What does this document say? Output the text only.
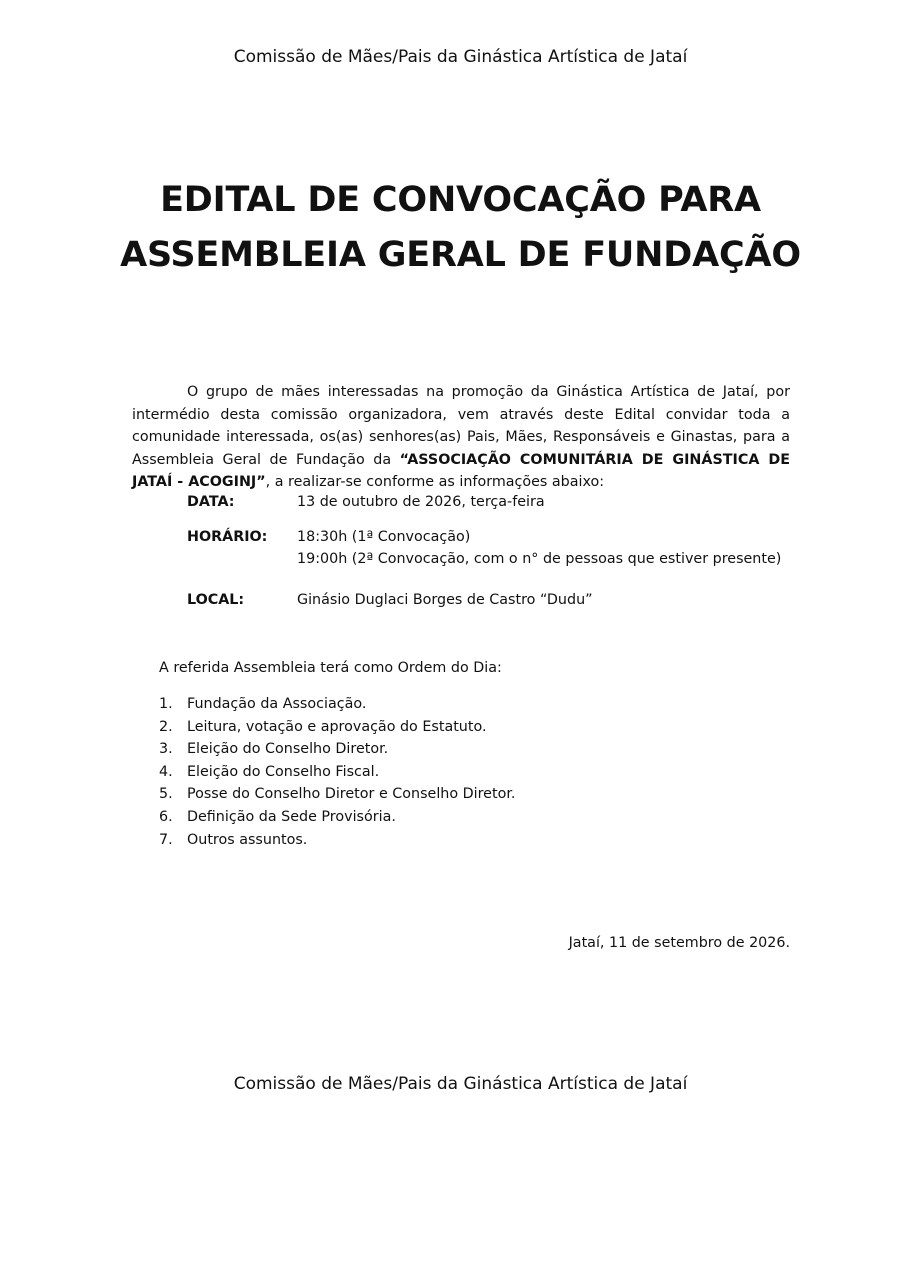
Comissão de Mães/Pais da Ginástica Artística de Jataí
EDITAL DE CONVOCAÇÃO PARA
ASSEMBLEIA GERAL DE FUNDAÇÃO

O grupo de mães interessadas na promoção da Ginástica Artística de Jataí, por intermédio desta comissão organizadora, vem através deste Edital convidar toda a comunidade interessada, os(as) senhores(as) Pais, Mães, Responsáveis e Ginastas, para a Assembleia Geral de Fundação da “ASSOCIAÇÃO COMUNITÁRIA DE GINÁSTICA DE JATAÍ - ACOGINJ”, a realizar-se conforme as informações abaixo:

DATA:	13 de outubro de 2026, terça-feira
HORÁRIO:	18:30h (1ª Convocação)
19:00h (2ª Convocação, com o n° de pessoas que estiver presente)
LOCAL:	Ginásio Duglaci Borges de Castro “Dudu”
A referida Assembleia terá como Ordem do Dia:
1. Fundação da Associação.
2. Leitura, votação e aprovação do Estatuto.
3. Eleição do Conselho Diretor.
4. Eleição do Conselho Fiscal.
5. Posse do Conselho Diretor e Conselho Diretor.
6. Definição da Sede Provisória.
7. Outros assuntos.
Jataí, 11 de setembro de 2026.
Comissão de Mães/Pais da Ginástica Artística de Jataí
